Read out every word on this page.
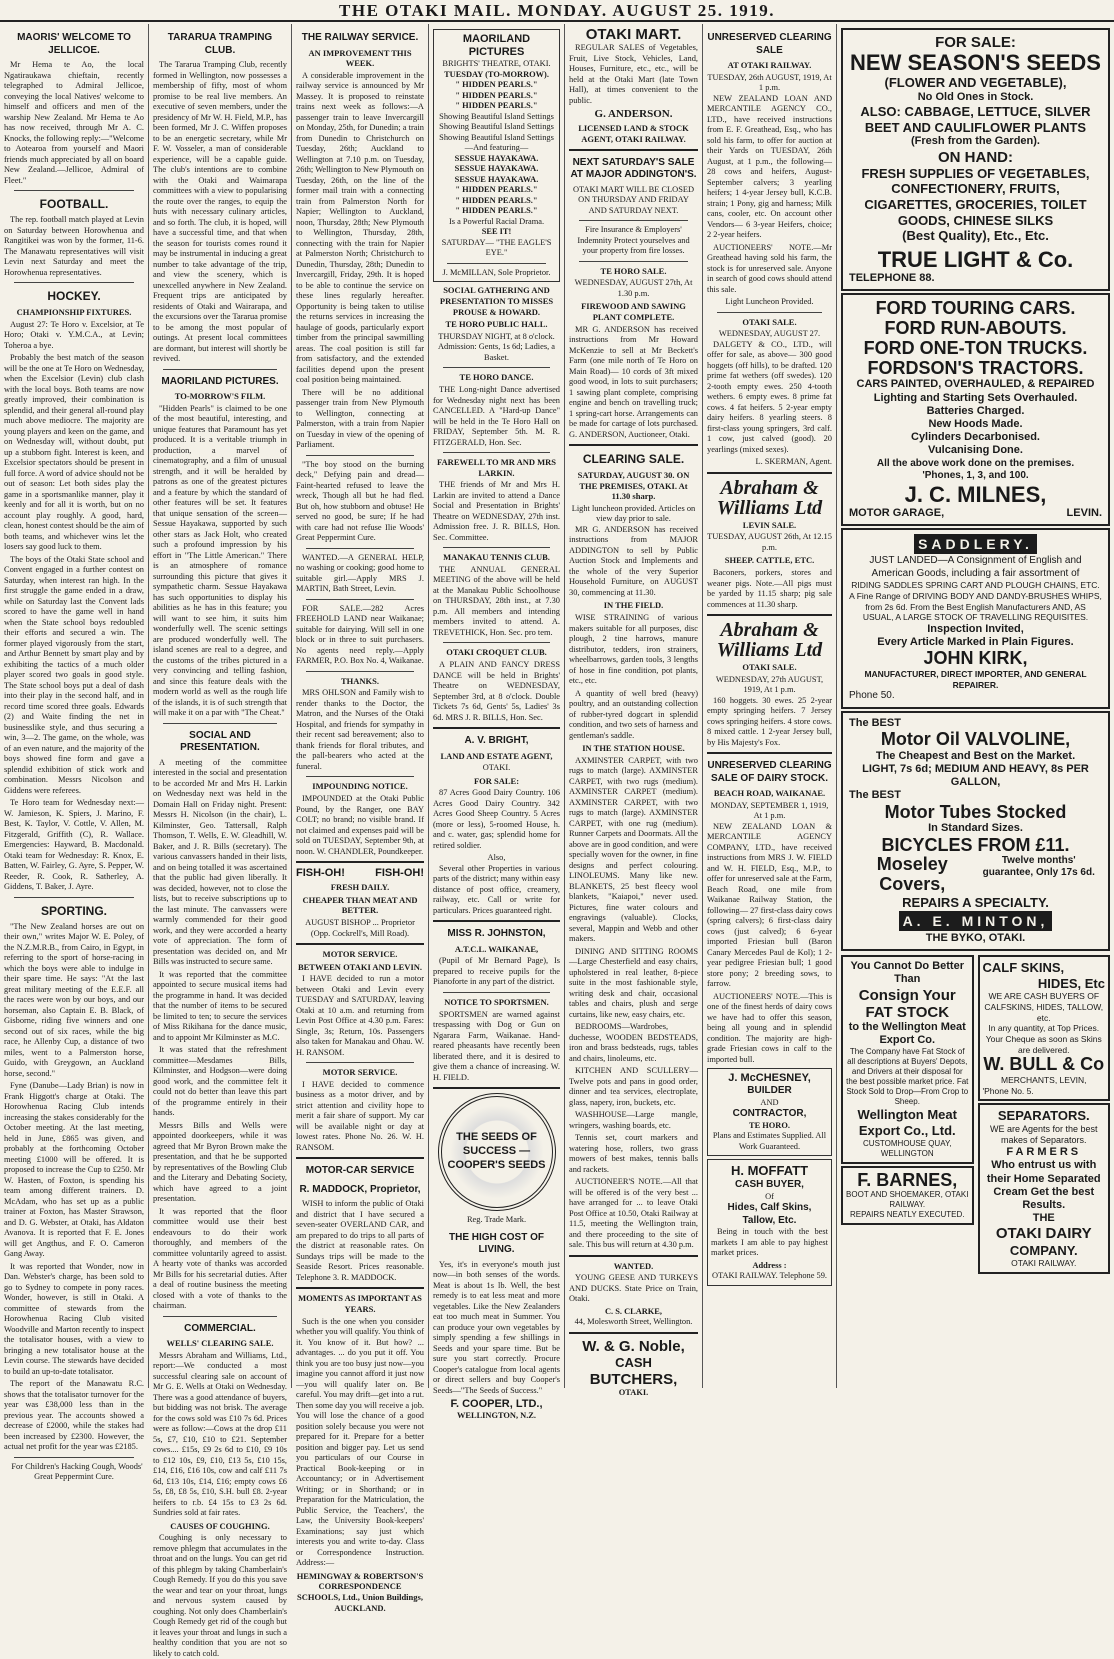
THE OTAKI MAIL. MONDAY. AUGUST 25. 1919.
MAORIS' WELCOME TO JELLICOE.

Mr Hema te Ao, the local Ngatiraukawa chieftain, recently telegraphed to Admiral Jellicoe, conveying the local Natives' welcome to himself and officers and men of the warship New Zealand. Mr Hema te Ao has now received, through Mr A. C. Knocks, the following reply:—"Welcome to Aotearoa from yourself and Maori friends much appreciated by all on board New Zealand.—Jellicoe, Admiral of Fleet."

FOOTBALL.

The rep. football match played at Levin on Saturday between Horowhenua and Rangitikei was won by the former, 11-6. The Manawatu representatives will visit Levin next Saturday and meet the Horowhenua representatives.

HOCKEY.
CHAMPIONSHIP FIXTURES.

August 27: Te Horo v. Excelsior, at Te Horo; Otaki v. Y.M.C.A., at Levin; Toheroa a bye.

Probably the best match of the season will be the one at Te Horo on Wednesday, when the Excelsior (Levin) club clash with the local boys. Both teams are now greatly improved, their combination is splendid, and their general all-round play much above mediocre. The majority are young players and keen on the game, and on Wednesday will, without doubt, put up a stubborn fight. Interest is keen, and Excelsior spectators should be present in full force. A word of advice should not be out of season: Let both sides play the game in a sportsmanlike manner, play it keenly and for all it is worth, but on no account play roughly. A good, hard, clean, honest contest should be the aim of both teams, and whichever wins let the losers say good luck to them.

The boys of the Otaki State school and Convent engaged in a further contest on Saturday, when interest ran high. In the first struggle the game ended in a draw, while on Saturday last the Convent lads scored to have the game well in hand when the State school boys redoubled their efforts and secured a win. The former played vigorously from the start, and Arthur Bennett by smart play and by exhibiting the tactics of a much older player scored two goals in good style. The State school boys put a deal of dash into their play in the second half, and in record time scored three goals. Edwards (2) and Waite finding the net in businesslike style, and thus securing a win, 3—2. The game, on the whole, was of an even nature, and the majority of the boys showed fine form and gave a splendid exhibition of stick work and combination. Messrs Nicolson and Giddens were referees.

Te Horo team for Wednesday next:—W. Jamieson, K. Spiers, J. Marino, F. Best, K. Taylor, V. Cottle, V. Allen, M. Fitzgerald, Griffith (C), R. Wallace. Emergencies: Hayward, B. Macdonald. Otaki team for Wednesday: R. Knox, E. Batten, W. Fairley, G. Ayre, S. Pepper, W. Reeder, R. Cook, R. Satherley, A. Giddens, T. Baker, J. Ayre.

SPORTING.

"The New Zealand horses are out on their own," writes Major W. E. Poley, of the N.Z.M.R.B., from Cairo, in Egypt, in referring to the sport of horse-racing in which the boys were able to indulge in their spare time. He says: "At the last great military meeting of the E.E.F. all the races were won by our boys, and our horseman, also Captain E. B. Black, of Gisborne, riding five winners and one second out of six races, while the big race, he Allenby Cup, a distance of two miles, went to a Palmerston horse, Guido, with Greygown, an Auckland horse, second."

Fyne (Danube—Lady Brian) is now in Frank Higgott's charge at Otaki. The Horowhenua Racing Club intends increasing the stakes considerably for the October meeting. At the last meeting, held in June, £865 was given, and probably at the forthcoming October meeting £1000 will be offered. It is proposed to increase the Cup to £250. Mr W. Hasten, of Foxton, is spending his team among different trainers. D. McAdam, who has set up as a public trainer at Foxton, has Master Strawson, and D. G. Webster, at Otaki, has Aldaton Avanova. It is reported that F. E. Jones will get Angthus, and F. O. Cameron Gang Away.

It was reported that Wonder, now in Dan. Webster's charge, has been sold to go to Sydney to compete in pony races. Wonder, however, is still in Otaki. A committee of stewards from the Horowhenua Racing Club visited Woodville and Marton recently to inspect the totalisator houses, with a view to bringing a new totalisator house at the Levin course. The stewards have decided to build an up-to-date totalisator.

The report of the Manawatu R.C. shows that the totalisator turnover for the year was £38,000 less than in the previous year. The accounts showed a decrease of £2000, while the stakes had been increased by £2300. However, the actual net profit for the year was £2185.

For Children's Hacking Cough, Woods' Great Peppermint Cure.

TARARUA TRAMPING CLUB.

The Tararua Tramping Club, recently formed in Wellington, now possesses a membership of fifty, most of whom promise to be real live members. An executive of seven members, under the presidency of Mr W. H. Field, M.P., has been formed, Mr J. C. Wiffen proposes to be an energetic secretary, while Mr F. W. Vosseler, a man of considerable experience, will be a capable guide. The club's intentions are to combine with the Otaki and Waimarapa committees with a view to popularising the route over the ranges, to equip the huts with necessary culinary articles, and so forth. The club, it is hoped, will have a successful time, and that when the season for tourists comes round it may be instrumental in inducing a great number to take advantage of the trip, and view the scenery, which is unexcelled anywhere in New Zealand. Frequent trips are anticipated by residents of Otaki and Wairarapa, and the excursions over the Tararua promise to be among the most popular of outings. At present local committees are dormant, but interest will shortly be revived.

MAORILAND PICTURES.
TO-MORROW'S FILM.

"Hidden Pearls" is claimed to be one of the most beautiful, interesting, and unique features that Paramount has yet produced. It is a veritable triumph in production, a marvel of cinematography, and a film of unusual strength, and it will be heralded by patrons as one of the greatest pictures and a feature by which the standard of other features will be set. It features that unique sensation of the screen—Sessue Hayakawa, supported by such other stars as Jack Holt, who created such a profound impression by his effort in "The Little American." There is an atmosphere of romance surrounding this picture that gives it sympathetic charm. Sessue Hayakawa has such opportunities to display his abilities as he has in this feature; you will want to see him, it suits him wonderfully well. The scenic settings are produced wonderfully well. The island scenes are real to a degree, and the customs of the tribes pictured in a very convincing and telling fashion, and since this feature deals with the modern world as well as the rough life of the islands, it is of such strength that will make it on a par with "The Cheat."

SOCIAL AND PRESENTATION.

A meeting of the committee interested in the social and presentation to be accorded Mr and Mrs H. Larkin on Wednesday next was held in the Domain Hall on Friday night. Present: Messrs H. Nicolson (in the chair), L. Kilminster, Geo. Tattersall, Ralph Thomson, T. Wells, E. W. Gleadhill, W. Baker, and J. R. Bills (secretary). The various canvassers handed in their lists, and on being totalled it was ascertained that the public had given liberally. It was decided, however, not to close the lists, but to receive subscriptions up to the last minute. The canvassers were warmly commended for their good work, and they were accorded a hearty vote of appreciation. The form of presentation was decided on, and Mr Bills was instructed to secure same.

It was reported that the committee appointed to secure musical items had the programme in hand. It was decided that the number of items to be secured be limited to ten; to secure the services of Miss Rikihana for the dance music, and to appoint Mr Kilminster as M.C.

It was stated that the refreshment committee—Mesdames Bills, Kilminster, and Hodgson—were doing good work, and the committee felt it could not do better than leave this part of the programme entirely in their hands.

Messrs Bills and Wells were appointed doorkeepers, while it was agreed that Mr Byron Brown make the presentation, and that he be supported by representatives of the Bowling Club and the Literary and Debating Society, which have agreed to a joint presentation.

It was reported that the floor committee would use their best endeavours to do their work thoroughly, and members of the committee voluntarily agreed to assist. A hearty vote of thanks was accorded Mr Bills for his secretarial duties. After a deal of routine business the meeting closed with a vote of thanks to the chairman.

COMMERCIAL.
WELLS' CLEARING SALE.

Messrs Abraham and Williams, Ltd., report:—We conducted a most successful clearing sale on account of Mr G. E. Wells at Otaki on Wednesday. There was a good attendance of buyers, but bidding was not brisk. The average for the cows sold was £10 7s 6d. Prices were as follow:—Cows at the drop £11 5s, £7, £10, £10 to £21. September cows.... £15s, £9 2s 6d to £10, £9 10s to £12 10s, £9, £10, £13 5s, £10 15s, £14, £16, £16 10s, cow and calf £11 7s 6d, £13 10s, £14, £16; empty cows £6 5s, £8, £8 5s, £10, S.H. bull £8. 2-year heifers to r.b. £4 15s to £3 2s 6d. Sundries sold at fair rates.

CAUSES OF COUGHING.

Coughing is only necessary to remove phlegm that accumulates in the throat and on the lungs. You can get rid of this phlegm by taking Chamberlain's Cough Remedy. If you do this you save the wear and tear on your throat, lungs and nervous system caused by coughing. Not only does Chamberlain's Cough Remedy get rid of the cough but it leaves your throat and lungs in such a healthy condition that you are not so likely to catch cold.

THE RAILWAY SERVICE.
AN IMPROVEMENT THIS WEEK.

A considerable improvement in the railway service is announced by Mr Massey. It is proposed to reinstate trains next week as follows:—A passenger train to leave Invercargill on Monday, 25th, for Dunedin; a train from Dunedin to Christchurch on Tuesday, 26th; Auckland to Wellington at 7.10 p.m. on Tuesday, 26th; Wellington to New Plymouth on Tuesday, 26th, on the line of the former mail train with a connecting train from Palmerston North for Napier; Wellington to Auckland, noon, Thursday, 28th; New Plymouth to Wellington, Thursday, 28th, connecting with the train for Napier at Palmerston North; Christchurch to Dunedin, Thursday, 28th; Dunedin to Invercargill, Friday, 29th. It is hoped to be able to continue the service on these lines regularly hereafter. Opportunity is being taken to utilise the returns services in increasing the haulage of goods, particularly export timber from the principal sawmilling areas. The coal position is still far from satisfactory, and the extended facilities depend upon the present coal position being maintained.

There will be no additional passenger train from New Plymouth to Wellington, connecting at Palmerston, with a train from Napier on Tuesday in view of the opening of Parliament.

"The boy stood on the burning deck," Defying pain and dread— Faint-hearted refused to leave the wreck, Though all but he had fled. But oh, how stubborn and obtuse! He served no good, be sure; If he had with care had not refuse Ilie Woods' Great Peppermint Cure.

WANTED.—A GENERAL HELP, no washing or cooking; good home to suitable girl.—Apply MRS J. MARTIN, Bath Street, Levin.

FOR SALE.—282 Acres FREEHOLD LAND near Waikanae; suitable for dairying. Will sell in one block or in three to suit purchasers. No agents need reply.—Apply FARMER, P.O. Box No. 4, Waikanae.

THANKS.

MRS OHLSON and Family wish to render thanks to the Doctor, the Matron, and the Nurses of the Otaki Hospital, and friends for sympathy in their recent sad bereavement; also to thank friends for floral tributes, and the pall-bearers who acted at the funeral.

IMPOUNDING NOTICE.

IMPOUNDED at the Otaki Public Pound, by the Ranger, one BAY COLT; no brand; no visible brand. If not claimed and expenses paid will be sold on TUESDAY, September 9th, at noon. W. CHANDLER, Poundkeeper.

FISH-OH!	FISH-OH!
FRESH DAILY.
CHEAPER THAN MEAT AND BETTER.
AUGUST BISHOP ... Proprietor (Opp. Cockrell's, Mill Road).
MOTOR SERVICE.
BETWEEN OTAKI AND LEVIN.

I HAVE decided to run a motor between Otaki and Levin every TUESDAY and SATURDAY, leaving Otaki at 10 a.m. and returning from Levin Post Office at 4.30 p.m. Fares: Single, 3s; Return, 10s. Passengers also taken for Manakau and Ohau. W. H. RANSOM.

MOTOR SERVICE.

I HAVE decided to commence business as a motor driver, and by strict attention and civility hope to merit a fair share of support. My car will be available night or day at lowest rates. Phone No. 26. W. H. RANSOM.

MOTOR-CAR SERVICE
R. MADDOCK, Proprietor,

WISH to inform the public of Otaki and district that I have secured a seven-seater OVERLAND CAR, and am prepared to do trips to all parts of the district at reasonable rates. On Sundays trips will be made to the Seaside Resort. Prices reasonable. Telephone 3. R. MADDOCK.

MOMENTS AS IMPORTANT AS YEARS.

Such is the one when you consider whether you will qualify. You think of it. You know of it. But how? ... advantages. ... do you put it off. You think you are too busy just now—you imagine you cannot afford it just now—you will qualify later on. Be careful. You may drift—get into a rut. Then some day you will receive a job. You will lose the chance of a good position solely because you were not prepared for it. Prepare for a better position and bigger pay. Let us send you particulars of our Course in Practical Book-keeping or in Accountancy; or in Advertisement Writing; or in Shorthand; or in Preparation for the Matriculation, the Public Service, the Teachers', the Law, the University Book-keepers' Examinations; say just which interests you and write to-day. Class or Correspondence Instruction. Address:—

HEMINGWAY & ROBERTSON'S CORRESPONDENCE SCHOOLS, Ltd., Union Buildings, AUCKLAND.
MAORILAND PICTURES
BRIGHTS' THEATRE, OTAKI.
TUESDAY (TO-MORROW).
" HIDDEN PEARLS."
" HIDDEN PEARLS."
" HIDDEN PEARLS."
Showing Beautiful Island Settings
Showing Beautiful Island Settings
Showing Beautiful Island Settings
—And featuring—
SESSUE HAYAKAWA.
SESSUE HAYAKAWA.
SESSUE HAYAKAWA.
" HIDDEN PEARLS."
" HIDDEN PEARLS."
" HIDDEN PEARLS."
Is a Powerful Racial Drama.
SEE IT!
SATURDAY— "THE EAGLE'S EYE."
J. McMILLAN, Sole Proprietor.
SOCIAL GATHERING AND PRESENTATION TO MISSES PROUSE & HOWARD.
TE HORO PUBLIC HALL.
THURSDAY NIGHT, at 8 o'clock.
Admission: Gents, 1s 6d; Ladies, a Basket.
TE HORO DANCE.

THE Long-night Dance advertised for Wednesday night next has been CANCELLED. A "Hard-up Dance" will be held in the Te Horo Hall on FRIDAY, September 5th. M. R. FITZGERALD, Hon. Sec.

FAREWELL TO MR AND MRS LARKIN.

THE friends of Mr and Mrs H. Larkin are invited to attend a Dance Social and Presentation in Brights' Theatre on WEDNESDAY, 27th inst. Admission free. J. R. BILLS, Hon. Sec. Committee.

MANAKAU TENNIS CLUB.

THE ANNUAL GENERAL MEETING of the above will be held at the Manakau Public Schoolhouse on THURSDAY, 28th inst., at 7.30 p.m. All members and intending members invited to attend. A. TREVETHICK, Hon. Sec. pro tem.

OTAKI CROQUET CLUB.

A PLAIN AND FANCY DRESS DANCE will be held in Brights' Theatre on WEDNESDAY, September 3rd, at 8 o'clock. Double Tickets 7s 6d, Gents' 5s, Ladies' 3s 6d. MRS J. R. BILLS, Hon. Sec.

A. V. BRIGHT,
LAND AND ESTATE AGENT,
OTAKI.
FOR SALE:

87 Acres Good Dairy Country. 106 Acres Good Dairy Country. 342 Acres Good Sheep Country. 5 Acres (more or less), 5-roomed House, h. and c. water, gas; splendid home for retired soldier.

Also,

Several other Properties in various parts of the district; many within easy distance of post office, creamery, railway, etc. Call or write for particulars. Prices guaranteed right.

MISS R. JOHNSTON,
A.T.C.L. WAIKANAE,

(Pupil of Mr Bernard Page), Is prepared to receive pupils for the Pianoforte in any part of the district.

NOTICE TO SPORTSMEN.

SPORTSMEN are warned against trespassing with Dog or Gun on Ngarara Farm, Waikanae. Hand-reared pheasants have recently been liberated there, and it is desired to give them a chance of increasing. W. H. FIELD.

THE SEEDS OF SUCCESS — COOPER'S SEEDS
Reg. Trade Mark.
THE HIGH COST OF LIVING.

Yes, it's in everyone's mouth just now—in both senses of the words. Meat is about 1s lb. Well, the best remedy is to eat less meat and more vegetables. Like the New Zealanders eat too much meat in Summer. You can produce your own vegetables by simply spending a few shillings in Seeds and your spare time. But be sure you start correctly. Procure Cooper's catalogue from local agents or direct sellers and buy Cooper's Seeds—"The Seeds of Success."

F. COOPER, LTD.,
WELLINGTON, N.Z.
OTAKI MART.

REGULAR SALES of Vegetables, Fruit, Live Stock, Vehicles, Land, Houses, Furniture, etc., etc., will be held at the Otaki Mart (late Town Hall), at times convenient to the public.

G. ANDERSON.
LICENSED LAND & STOCK AGENT, OTAKI RAILWAY.
NEXT SATURDAY'S SALE AT MAJOR ADDINGTON'S.
OTAKI MART WILL BE CLOSED ON THURSDAY AND FRIDAY AND SATURDAY NEXT.
Fire Insurance & Employers' Indemnity Protect yourselves and your property from fire losses.
TE HORO SALE.
WEDNESDAY, AUGUST 27th, At 1.30 p.m.
FIREWOOD AND SAWING PLANT COMPLETE.

MR G. ANDERSON has received instructions from Mr Howard McKenzie to sell at Mr Beckett's Farm (one mile north of Te Horo on Main Road)— 10 cords of 3ft mixed good wood, in lots to suit purchasers; 1 sawing plant complete, comprising engine and bench on travelling truck; 1 spring-cart horse. Arrangements can be made for cartage of lots purchased. G. ANDERSON, Auctioneer, Otaki.

CLEARING SALE.
SATURDAY, AUGUST 30. ON THE PREMISES, OTAKI. At 11.30 sharp.
Light luncheon provided. Articles on view day prior to sale.

MR G. ANDERSON has received instructions from MAJOR ADDINGTON to sell by Public Auction Stock and Implements and the whole of the very Superior Household Furniture, on AUGUST 30, commencing at 11.30.

IN THE FIELD.

WISE STRAINING of various makers suitable for all purposes, disc plough, 2 tine harrows, manure distributor, tedders, iron strainers, wheelbarrows, garden tools, 3 lengths of hose in fine condition, pot plants, etc., etc.

A quantity of well bred (heavy) poultry, and an outstanding collection of rubber-tyred dogcart in splendid condition, and two sets of harness and gentleman's saddle.

IN THE STATION HOUSE.

AXMINSTER CARPET, with two rugs to match (large). AXMINSTER CARPET, with two rugs (medium). AXMINSTER CARPET (medium). AXMINSTER CARPET, with two rugs to match (large). AXMINSTER CARPET, with one rug (medium). Runner Carpets and Doormats. All the above are in good condition, and were specially woven for the owner, in fine designs and perfect colouring. LINOLEUMS. Many like new. BLANKETS, 25 best fleecy wool blankets, "Kaiapoi," never used. Pictures, fine water colours and engravings (valuable). Clocks, several, Mappin and Webb and other makers.

DINING AND SITTING ROOMS—Large Chesterfield and easy chairs, upholstered in real leather, 8-piece suite in the most fashionable style, writing desk and chair, occasional tables and chairs, plush and serge curtains, like new, easy chairs, etc.

BEDROOMS—Wardrobes, duchesse, WOODEN BEDSTEADS, iron and brass bedsteads, rugs, tables and chairs, linoleums, etc.

KITCHEN AND SCULLERY—Twelve pots and pans in good order, dinner and tea services, electroplate, glass, napery, iron, buckets, etc.

WASHHOUSE—Large mangle, wringers, washing boards, etc.

Tennis set, court markers and watering hose, rollers, two grass mowers of best makes, tennis balls and rackets.

AUCTIONEER'S NOTE.—All that will be offered is of the very best ... have arranged for ... to leave Otaki Post Office at 10.50, Otaki Railway at 11.5, meeting the Wellington train, and there proceeding to the site of sale. This bus will return at 4.30 p.m.

WANTED.

YOUNG GEESE AND TURKEYS AND DUCKS. State Price on Train, Otaki.

C. S. CLARKE,
44, Molesworth Street, Wellington.
W. & G. Noble,
CASH
BUTCHERS,
OTAKI.
UNRESERVED CLEARING SALE
AT OTAKI RAILWAY.
TUESDAY, 26th AUGUST, 1919, At 1 p.m.

NEW ZEALAND LOAN AND MERCANTILE AGENCY CO., LTD., have received instructions from E. F. Greathead, Esq., who has sold his farm, to offer for auction at their Yards on TUESDAY, 26th August, at 1 p.m., the following— 28 cows and heifers, August-September calvers; 3 yearling heifers; 1 4-year Jersey bull, K.C.B. strain; 1 Pony, gig and harness; Milk cans, cooler, etc. On account other Vendors— 6 3-year Heifers, choice; 2 2-year heifers.

AUCTIONEERS' NOTE.—Mr Greathead having sold his farm, the stock is for unreserved sale. Anyone in search of good cows should attend this sale.

Light Luncheon Provided.
OTAKI SALE.
WEDNESDAY, AUGUST 27.

DALGETY & CO., LTD., will offer for sale, as above— 300 good hoggets (off hills), to be drafted. 120 prime fat wethers (off swedes). 120 2-tooth empty ewes. 250 4-tooth wethers. 6 empty ewes. 8 prime fat cows. 4 fat heifers. 5 2-year empty dairy heifers. 8 yearling steers. 8 first-class young springers, 3rd calf. 1 cow, just calved (good). 20 yearlings (mixed sexes).

L. SKERMAN, Agent.
Abraham &
Williams Ltd
LEVIN SALE.
TUESDAY, AUGUST 26th, At 12.15 p.m.
SHEEP. CATTLE, ETC.

Baconers, porkers, stores and weaner pigs. Note.—All pigs must be yarded by 11.15 sharp; pig sale commences at 11.30 sharp.

Abraham &
Williams Ltd
OTAKI SALE.
WEDNESDAY, 27th AUGUST, 1919, At 1 p.m.

160 hoggets. 30 ewes. 25 2-year empty springing heifers. 7 Jersey cows springing heifers. 4 store cows. 8 mixed cattle. 1 2-year Jersey bull, by His Majesty's Fox.

UNRESERVED CLEARING SALE OF DAIRY STOCK.
BEACH ROAD, WAIKANAE.
MONDAY, SEPTEMBER 1, 1919, At 1 p.m.

NEW ZEALAND LOAN & MERCANTILE AGENCY COMPANY, LTD., have received instructions from MRS J. W. FIELD and W. H. FIELD, Esq., M.P., to offer for unreserved sale at the Farm, Beach Road, one mile from Waikanae Railway Station, the following— 27 first-class dairy cows (spring calvers); 6 first-class dairy cows (just calved); 6 6-year imported Friesian bull (Baron Canary Mercedes Paul de Kol); 1 2-year pedigree Friesian bull; 1 good store pony; 2 breeding sows, to farrow.

AUCTIONEERS' NOTE.—This is one of the finest herds of dairy cows we have had to offer this season, being all young and in splendid condition. The majority are high-grade Friesian cows in calf to the imported bull.

J. McCHESNEY,
BUILDER
AND
CONTRACTOR,
TE HORO.
Plans and Estimates Supplied. All Work Guaranteed.
H. MOFFATT
CASH BUYER,
Of
Hides, Calf Skins, Tallow, Etc.

Being in touch with the best markets I am able to pay highest market prices.

Address :
OTAKI RAILWAY. Telephone 59.
FOR SALE:
NEW SEASON'S SEEDS
(FLOWER AND VEGETABLE),
No Old Ones in Stock.
ALSO: CABBAGE, LETTUCE, SILVER BEET AND CAULIFLOWER PLANTS
(Fresh from the Garden).
ON HAND:
FRESH SUPPLIES OF VEGETABLES, CONFECTIONERY, FRUITS, CIGARETTES, GROCERIES, TOILET GOODS, CHINESE SILKS
(Best Quality), Etc., Etc.
TRUE LIGHT & Co.
TELEPHONE 88.
FORD TOURING CARS.
FORD RUN-ABOUTS.
FORD ONE-TON TRUCKS.
FORDSON'S TRACTORS.
CARS PAINTED, OVERHAULED, & REPAIRED
Lighting and Starting Sets Overhauled.
Batteries Charged.
New Hoods Made.
Cylinders Decarbonised.
Vulcanising Done.
All the above work done on the premises.
'Phones, 1, 3, and 100.
J. C. MILNES,
MOTOR GARAGE,	LEVIN.
SADDLERY.
JUST LANDED—A Consignment of English and American Goods, including a fair assortment of
RIDING SADDLES SPRING CART AND PLOUGH CHAINS, ETC. A Fine Range of DRIVING BODY AND DANDY-BRUSHES WHIPS, from 2s 6d. From the Best English Manufacturers AND, AS USUAL, A LARGE STOCK OF TRAVELLING REQUISITES.
Inspection Invited,
Every Article Marked in Plain Figures.
JOHN KIRK,
MANUFACTURER, DIRECT IMPORTER, AND GENERAL REPAIRER.
Phone 50.
The BEST
Motor Oil VALVOLINE,
The Cheapest and Best on the Market.
LIGHT, 7s 6d; MEDIUM AND HEAVY, 8s PER GALLON,
The BEST
Motor Tubes Stocked
In Standard Sizes.
BICYCLES FROM £11.
Moseley Covers,
Twelve months' guarantee, Only 17s 6d.
REPAIRS A SPECIALTY.
A. E. MINTON,
THE BYKO, OTAKI.
You Cannot Do Better Than
Consign Your FAT STOCK
to the Wellington Meat Export Co.
The Company have Fat Stock of all descriptions at Buyers' Depots, and Drivers at their disposal for the best possible market price. Fat Stock Sold to Drop—From Crop to Sheep.
Wellington Meat Export Co., Ltd.
CUSTOMHOUSE QUAY, WELLINGTON
F. BARNES,
BOOT AND SHOEMAKER, OTAKI RAILWAY.
REPAIRS NEATLY EXECUTED.
CALF SKINS,
HIDES, Etc
WE ARE CASH BUYERS OF CALFSKINS, HIDES, TALLOW, etc.
In any quantity, at Top Prices.
Your Cheque as soon as Skins are delivered.
W. BULL & Co
MERCHANTS, LEVIN,
'Phone No. 5.
SEPARATORS.
WE are Agents for the best makes of Separators.
FARMERS
Who entrust us with their Home Separated Cream Get the best Results.
THE
OTAKI DAIRY
COMPANY.
OTAKI RAILWAY.
